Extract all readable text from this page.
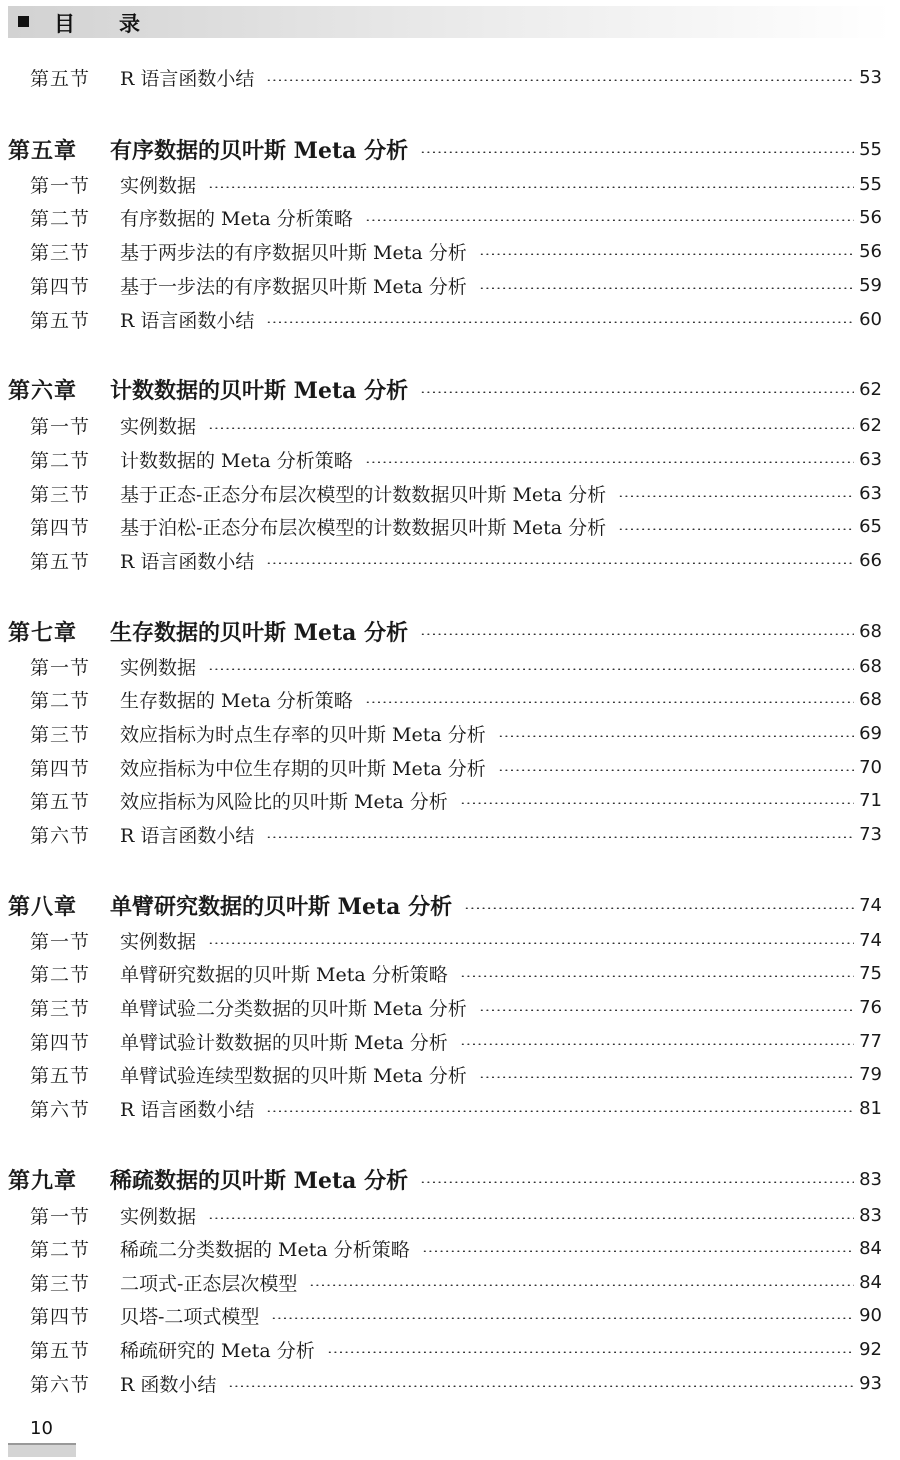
目录
第五节	R 语言函数小结	53
第五章	有序数据的贝叶斯 Meta 分析	55
第一节	实例数据	55
第二节	有序数据的 Meta 分析策略	56
第三节	基于两步法的有序数据贝叶斯 Meta 分析	56
第四节	基于一步法的有序数据贝叶斯 Meta 分析	59
第五节	R 语言函数小结	60
第六章	计数数据的贝叶斯 Meta 分析	62
第一节	实例数据	62
第二节	计数数据的 Meta 分析策略	63
第三节	基于正态-正态分布层次模型的计数数据贝叶斯 Meta 分析	63
第四节	基于泊松-正态分布层次模型的计数数据贝叶斯 Meta 分析	65
第五节	R 语言函数小结	66
第七章	生存数据的贝叶斯 Meta 分析	68
第一节	实例数据	68
第二节	生存数据的 Meta 分析策略	68
第三节	效应指标为时点生存率的贝叶斯 Meta 分析	69
第四节	效应指标为中位生存期的贝叶斯 Meta 分析	70
第五节	效应指标为风险比的贝叶斯 Meta 分析	71
第六节	R 语言函数小结	73
第八章	单臂研究数据的贝叶斯 Meta 分析	74
第一节	实例数据	74
第二节	单臂研究数据的贝叶斯 Meta 分析策略	75
第三节	单臂试验二分类数据的贝叶斯 Meta 分析	76
第四节	单臂试验计数数据的贝叶斯 Meta 分析	77
第五节	单臂试验连续型数据的贝叶斯 Meta 分析	79
第六节	R 语言函数小结	81
第九章	稀疏数据的贝叶斯 Meta 分析	83
第一节	实例数据	83
第二节	稀疏二分类数据的 Meta 分析策略	84
第三节	二项式-正态层次模型	84
第四节	贝塔-二项式模型	90
第五节	稀疏研究的 Meta 分析	92
第六节	R 函数小结	93
10
